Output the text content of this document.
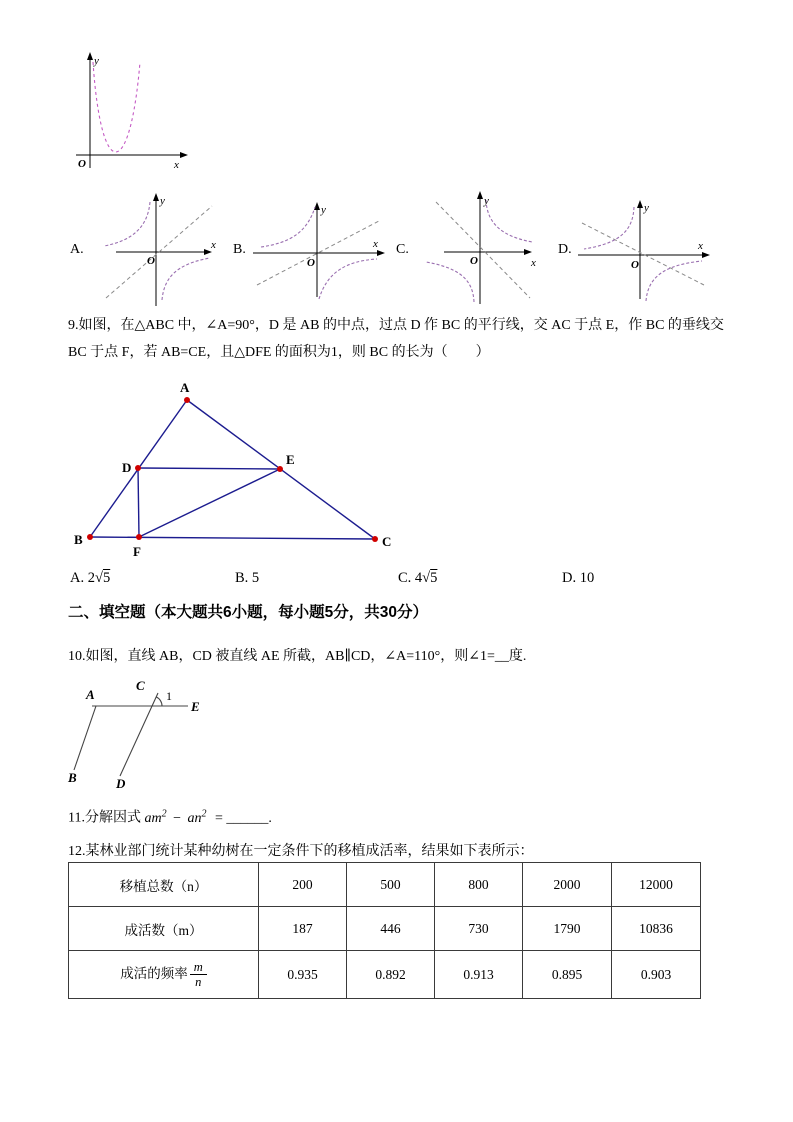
y
x
O
A.
y
x
O
B.
y
x
O
C.
y
x
O
D.
y
x
O
9.如图，在△ABC 中，∠A=90°，D 是 AB 的中点，过点 D 作 BC 的平行线，交 AC 于点 E，作 BC 的垂线交
BC 于点 F，若 AB=CE，且△DFE 的面积为1，则 BC 的长为（　　）
A
B	C
D
E
F
A. 2√5	B. 5	C. 4√5	D. 10
二、填空题（本大题共6小题，每小题5分，共30分）
10.如图，直线 AB，CD 被直线 AE 所截，AB∥CD，∠A=110°，则∠1=__度.
A
B
C
D
E
1
11.分解因式 $am^2 - an^2$ = ______.
12.某林业部门统计某种幼树在一定条件下的移植成活率，结果如下表所示：
移植总数（n）	200	500	800	2000	12000
成活数（m）	187	446	730	1790	10836
成活的频率 $\frac{m}{n}$	0.935	0.892	0.913	0.895	0.903
